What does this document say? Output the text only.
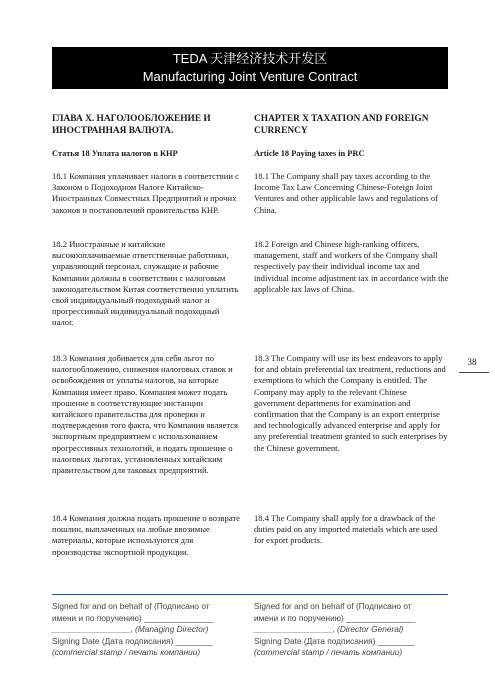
TEDA 天津经济技术开发区
Manufacturing Joint Venture Contract
ГЛАВА X. НАГОЛООБЛОЖЕНИЕ И ИНОСТРАННАЯ ВАЛЮТА.
Статья 18 Уплата налогов в КНР
18.1 Компания уплачивает налоги в соответствии с Законом о Подоходном Налоге Китайско-Иностранных Совместных Предприятий и прочих законов и постановлений правительства КНР.
18.2 Иностранные и китайские высокооплачиваемые ответственные работники, управляющий персонал, служащие и рабочие Компании должны в соответствии с налоговым законодательством Китая соответственно уплатить свой индивидуальный подоходный налог и прогрессивный индивидуальный подоходный налог.
18.3 Компания добивается для себя льгот по налогообложению, снижения налоговых ставок и освобождения от уплаты налогов, на которые Компания имеет право. Компания может подать прошение в соответствующие инстанции китайского правительства для проверки и подтверждения того факта, что Компания является экспортным предприятием с использованием прогрессивных технологий, и подать прошение о налоговых льготах, установленных китайским правительством для таковых предприятий.
18.4 Компания должна подать прошение о возврате пошлин, выплаченных на любые ввозимые материалы, которые используются для производства экспортной продукции.
CHAPTER X TAXATION AND FOREIGN CURRENCY
Article 18 Paying taxes in PRC
18.1 The Company shall pay taxes according to the Income Tax Law Concerning Chinese-Foreign Joint Ventures and other applicable laws and regulations of China.
18.2 Foreign and Chinese high-ranking officers, management, staff and workers of the Company shall respectively pay their individual income tax and individual income adjustment tax in accordance with the applicable tax laws of China.
18.3 The Company will use its best endeavors to apply for and obtain preferential tax treatment, reductions and exemptions to which the Company is entitled. The Company may apply to the relevant Chinese government departments for examination and confirmation that the Company is an export enterprise and technologically advanced enterprise and apply for any preferential treatment granted to such enterprises by the Chinese government.
18.4 The Company shall apply for a drawback of the duties paid on any imported materials which are used for export products.
38
Signed for and on behalf of (Подписано от
имени и по поручению) _______________
_________________, (Managing Director)
Signing Date (Дата подписания) ________
(commercial stamp / печать компании)
Signed for and on behalf of (Подписано от
имени и по поручению) _______________
_________________, (Director General)
Signing Date (Дата подписания) ________
(commercial stamp / печать компании)
